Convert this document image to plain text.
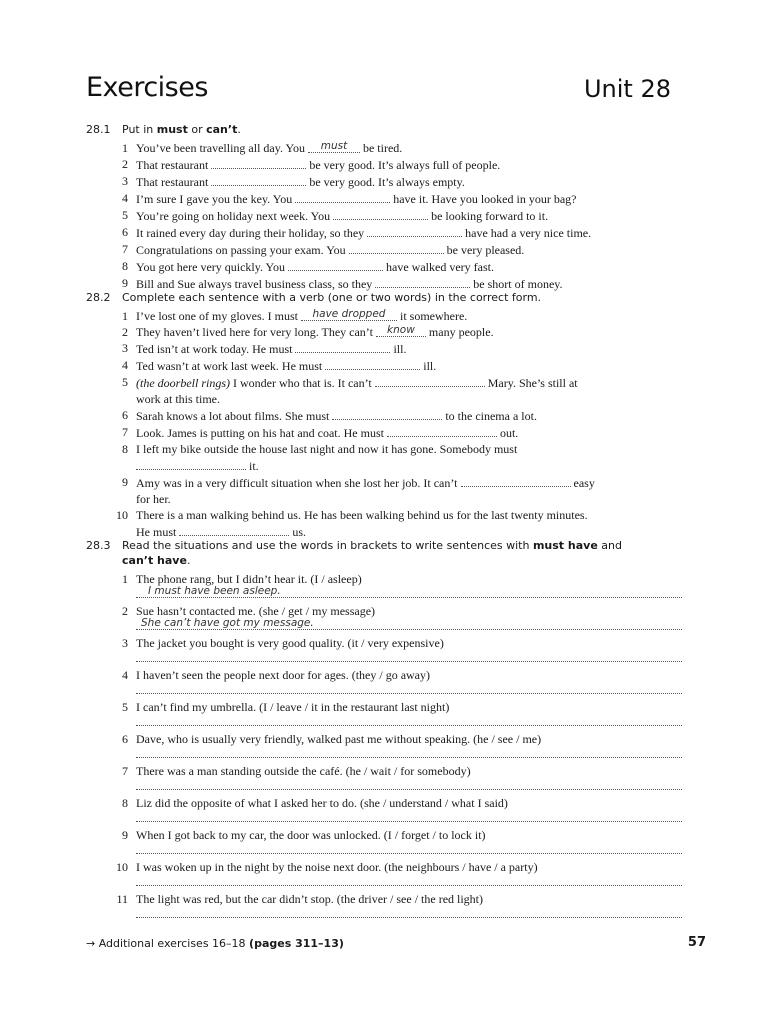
Exercises	Unit 28
28.1 Put in must or can’t.
1 You’ve been travelling all day. You must be tired.
2 That restaurant	be very good. It’s always full of people.
3 That restaurant	be very good. It’s always empty.
4 I’m sure I gave you the key. You	have it. Have you looked in your bag?
5 You’re going on holiday next week. You	be looking forward to it.
6 It rained every day during their holiday, so they	have had a very nice time.
7 Congratulations on passing your exam. You	be very pleased.
8 You got here very quickly. You	have walked very fast.
9 Bill and Sue always travel business class, so they	be short of money.
28.2 Complete each sentence with a verb (one or two words) in the correct form.
1 I’ve lost one of my gloves. I must have dropped it somewhere.
2 They haven’t lived here for very long. They can’t know many people.
3 Ted isn’t at work today. He must	ill.
4 Ted wasn’t at work last week. He must	ill.
5 (the doorbell rings) I wonder who that is. It can’t	Mary. She’s still at
work at this time.
6 Sarah knows a lot about films. She must	to the cinema a lot.
7 Look. James is putting on his hat and coat. He must	out.
8 I left my bike outside the house last night and now it has gone. Somebody must
it.
9 Amy was in a very difficult situation when she lost her job. It can’t	easy
for her.
10 There is a man walking behind us. He has been walking behind us for the last twenty minutes.
He must	us.
28.3 Read the situations and use the words in brackets to write sentences with must have and
can’t have.
1 The phone rang, but I didn’t hear it. (I / asleep)
I must have been asleep.
2 Sue hasn’t contacted me. (she / get / my message)
She can’t have got my message.
3 The jacket you bought is very good quality. (it / very expensive)
4 I haven’t seen the people next door for ages. (they / go away)
5 I can’t find my umbrella. (I / leave / it in the restaurant last night)
6 Dave, who is usually very friendly, walked past me without speaking. (he / see / me)
7 There was a man standing outside the café. (he / wait / for somebody)
8 Liz did the opposite of what I asked her to do. (she / understand / what I said)
9 When I got back to my car, the door was unlocked. (I / forget / to lock it)
10 I was woken up in the night by the noise next door. (the neighbours / have / a party)
11 The light was red, but the car didn’t stop. (the driver / see / the red light)
→ Additional exercises 16–18 (pages 311–13)	57
